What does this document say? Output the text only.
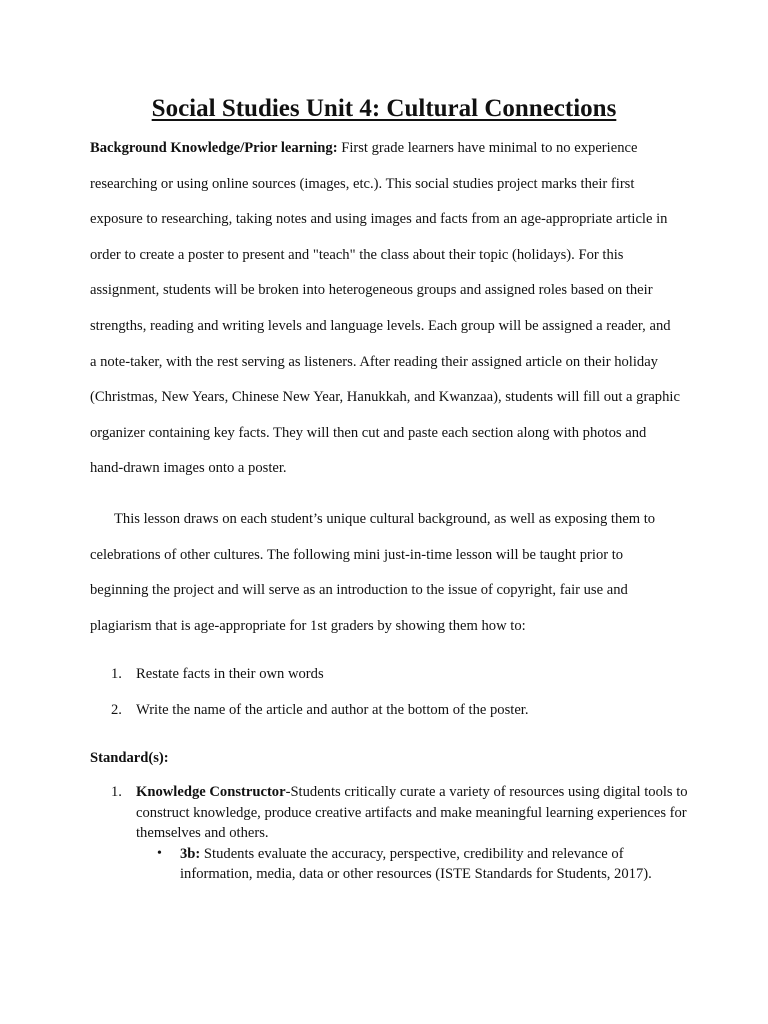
Social Studies Unit 4: Cultural Connections

Background Knowledge/Prior learning: First grade learners have minimal to no experience researching or using online sources (images, etc.). This social studies project marks their first exposure to researching, taking notes and using images and facts from an age-appropriate article in order to create a poster to present and "teach" the class about their topic (holidays). For this assignment, students will be broken into heterogeneous groups and assigned roles based on their strengths, reading and writing levels and language levels. Each group will be assigned a reader, and a note-taker, with the rest serving as listeners. After reading their assigned article on their holiday (Christmas, New Years, Chinese New Year, Hanukkah, and Kwanzaa), students will fill out a graphic organizer containing key facts. They will then cut and paste each section along with photos and hand-drawn images onto a poster.

This lesson draws on each student’s unique cultural background, as well as exposing them to celebrations of other cultures. The following mini just-in-time lesson will be taught prior to beginning the project and will serve as an introduction to the issue of copyright, fair use and plagiarism that is age-appropriate for 1st graders by showing them how to:

1. Restate facts in their own words
2. Write the name of the article and author at the bottom of the poster.

Standard(s):

1. Knowledge Constructor-Students critically curate a variety of resources using digital tools to construct knowledge, produce creative artifacts and make meaningful learning experiences for themselves and others.
• 3b: Students evaluate the accuracy, perspective, credibility and relevance of information, media, data or other resources (ISTE Standards for Students, 2017).
